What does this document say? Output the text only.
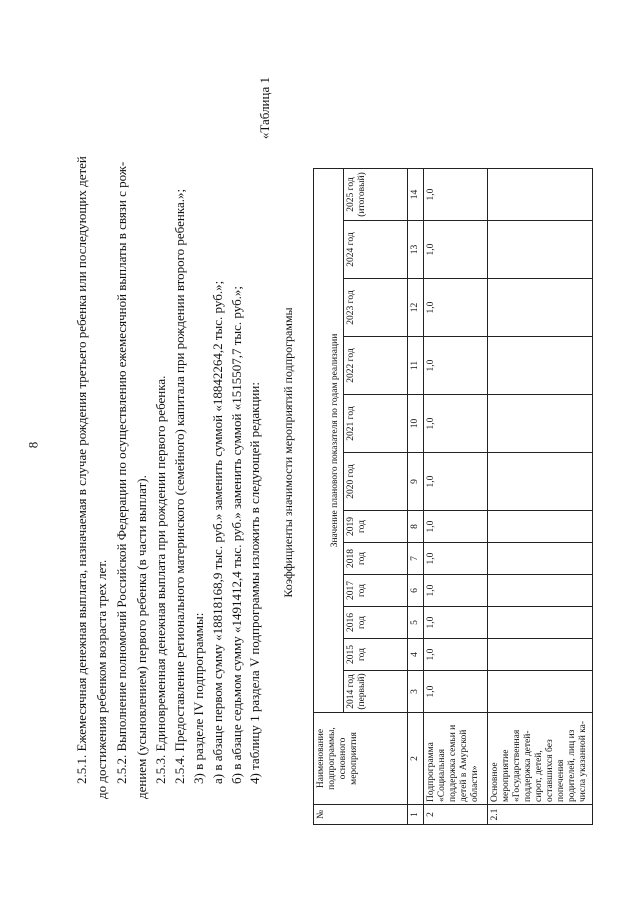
8	2.5.1. Ежемесячная денежная выплата, назначаемая в случае рождения третьего ребенка или последующих детей до достижения ребенком возраста трех лет. 2.5.2. Выполнение полномочий Российской Федерации по осуществлению ежемесячной выплаты в связи с рож- дением (усыновлением) первого ребенка (в части выплат). 2.5.3. Единовременная денежная выплата при рождении первого ребенка. 2.5.4. Предоставление регионального материнского (семейного) капитала при рождении второго ребенка.»; 3) в разделе IV подпрограммы: а) в абзаце первом сумму «18818168,9 тыс. руб.» заменить суммой «18842264,2 тыс. руб.»; б) в абзаце седьмом сумму «1491412,4 тыс. руб.» заменить суммой «1515507,7 тыс. руб.»; 4) таблицу 1 раздела V подпрограммы изложить в следующей редакции:
«Таблица 1
Коэффициенты значимости мероприятий подпрограммы
№	Наименование подпрограммы, основного мероприятия	Значение планового показателя по годам реализации											
		2014 год (первый)	2015 год	2016 год	2017 год	2018 год	2019 год	2020 год	2021 год	2022 год	2023 год	2024 год	2025 год (итоговый)
1	2	3	4	5	6	7	8	9	10	11	12	13	14
2	Подпрограмма «Социальная поддержка семьи и детей в Амурской области»	1,0	1,0	1,0	1,0	1,0	1,0	1,0	1,0	1,0	1,0	1,0	1,0
2.1	Основное мероприятие «Государственная поддержка детей-сирот, детей, оставшихся без попечения родителей, лиц из числа указанной ка-												
